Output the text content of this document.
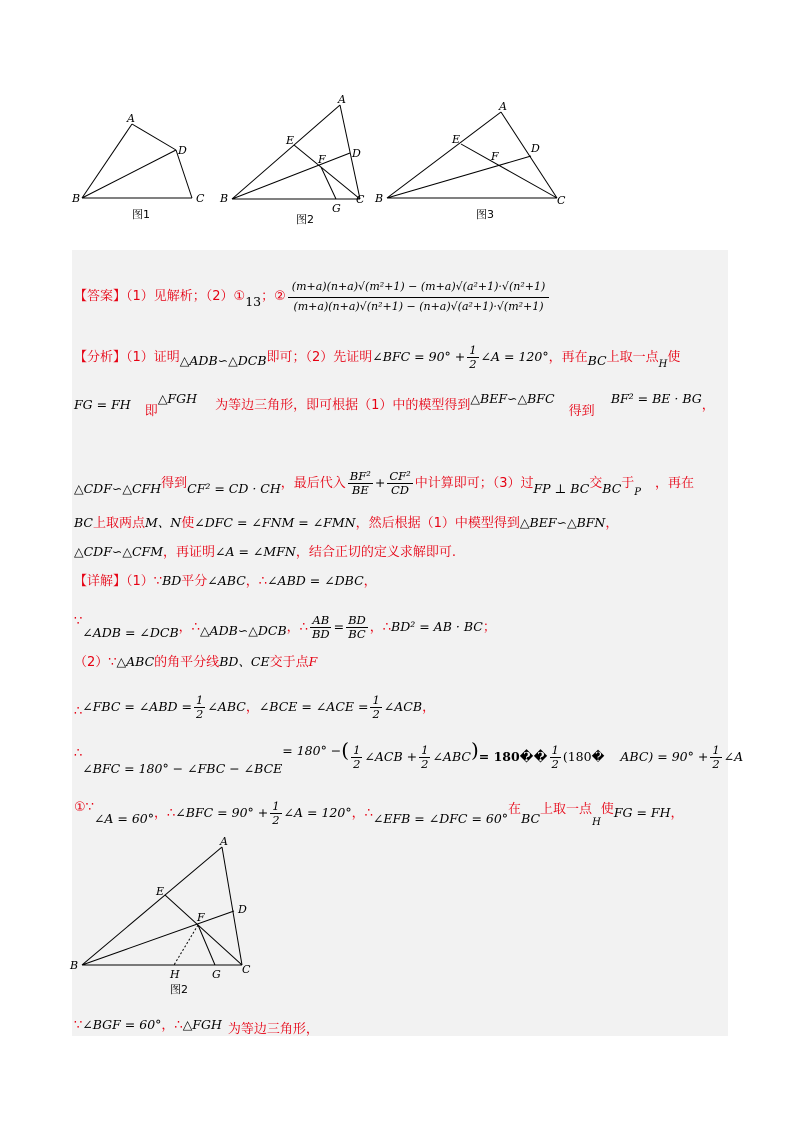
A
D
B	C
图1
A
E
F D
B
G
C
图2
A
E
F
D
B	C
图3
【答案】（1）见解析；（2）①13；② $\frac{\text{(m+a)(n+a)√(m²+1) − (m+a)√(a²+1)·√(n²+1)}}{\text{(m+a)(n+a)√(n²+1) − (n+a)√(a²+1)·√(m²+1)}}$
【分析】（1）证明△ADB∽△DCB即可；（2）先证明∠BFC = $90^\circ + \frac{1}{2}$ ∠A = 120°，再在BC上取一点$_H$使
FG = FH 即△FGH 为等边三角形，即可根据（1）中的模型得到△BEF∽△BFC 得到 BF² = BE · BG，
△CDF∽△CFH得到CF² = CD · CH，最后代入 $\frac{\text{BF²}}{BE} + \frac{\text{CF²}}{CD}$ 中计算即可；（3）过FP ⊥ BC交BC于$_P$，再在
BC上取两点M、N使∠DFC = ∠FNM = ∠FMN，然后根据（1）中模型得到△BEF∽△BFN，
△CDF∽△CFM，再证明∠A = ∠MFN，结合正切的定义求解即可.
【详解】（1）∵BD平分∠ABC，∴∠ABD = ∠DBC，
∵∠ADB = ∠DCB，∴△ADB∽△DCB，∴ $\frac{AB}{BD} = \frac{BD}{BC}$ ，∴BD² = AB · BC；
（2）∵△ABC的角平分线BD、CE交于点F
∴∠FBC = ∠ABD = $\frac{1}{2}$ ∠ABC，∠BCE = ∠ACE = $\frac{1}{2}$ ∠ACB，
∴∠BFC = 180° − ∠FBC − ∠BCE= 180° −( $\frac{1}{2}$ ∠ACB + $\frac{1}{2}$ ∠ABC)= 180�� $\frac{1}{2}$ (180� $ABC) = 90^\circ + \frac{1}{2}$ ∠A
①∵∠A = 60°，∴∠BFC = $90^\circ + \frac{1}{2}$ ∠A = 120°，∴∠EFB = ∠DFC = 60°在BC上取一点$_H$使FG = FH，
A
E
F
D
B
H	G C
图2
∵∠BGF = 60°，∴△FGH 为等边三角形，
